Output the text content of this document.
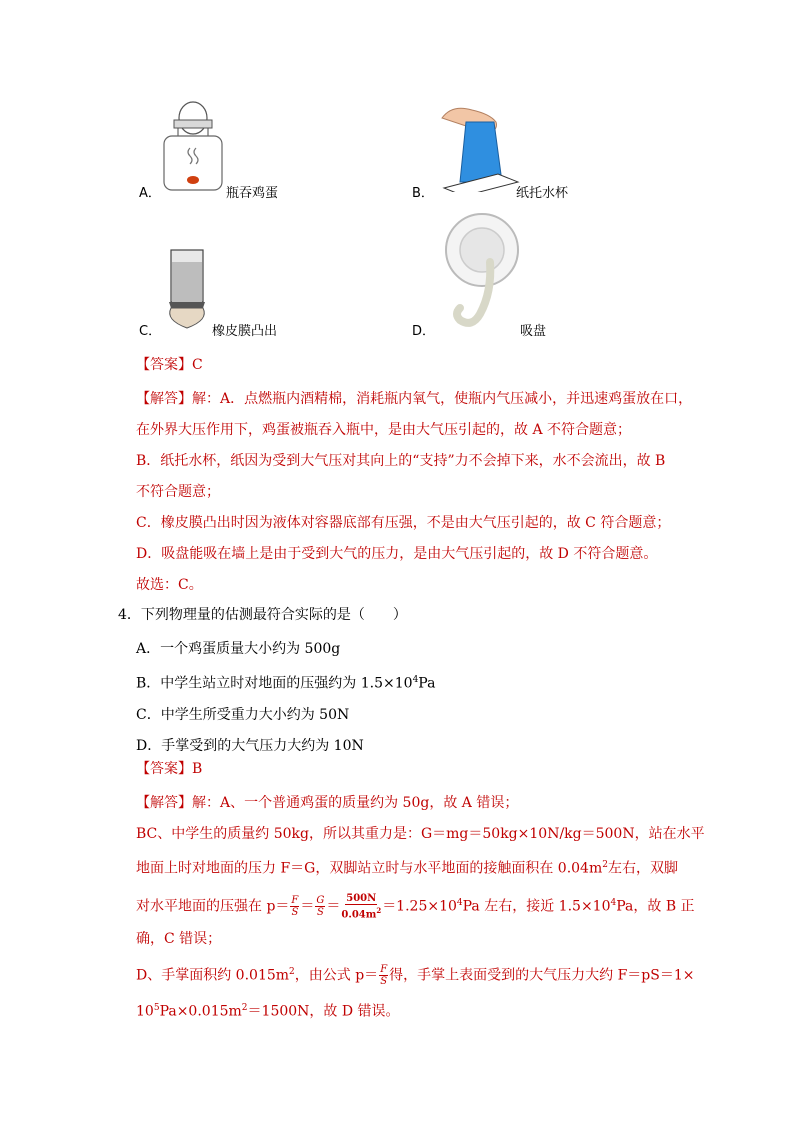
A．	瓶吞鸡蛋	B．	纸托水杯
C．	橡皮膜凸出	D．	吸盘
【答案】C
【解答】解：A．点燃瓶内酒精棉，消耗瓶内氧气，使瓶内气压减小，并迅速鸡蛋放在口，
在外界大压作用下，鸡蛋被瓶吞入瓶中，是由大气压引起的，故 A 不符合题意；
B．纸托水杯，纸因为受到大气压对其向上的“支持”力不会掉下来，水不会流出，故 B
不符合题意；
C．橡皮膜凸出时因为液体对容器底部有压强，不是由大气压引起的，故 C 符合题意；
D．吸盘能吸在墙上是由于受到大气的压力，是由大气压引起的，故 D 不符合题意。
故选：C。
4．下列物理量的估测最符合实际的是（　　）
A．一个鸡蛋质量大小约为 500g
B．中学生站立时对地面的压强约为 $1.5\times 10^4Pa$
C．中学生所受重力大小约为 50N
D．手掌受到的大气压力大约为 10N
【答案】B
【解答】解：A、一个普通鸡蛋的质量约为 50g，故 A 错误；
BC、中学生的质量约 50kg，所以其重力是：G＝mg＝50kg×10N/kg＝500N，站在水平
地面上时对地面的压力 F＝G，双脚站立时与水平地面的接触面积在 $0.04m^2$左右，双脚
对水平地面的压强在 $p= \frac{F}{S} = \frac{G}{S} = \frac{500N}{0.04m^2} =1.25\times 10^4Pa$ 左右，接近 $1.5\times 10^4Pa$，故 B 正
确，C 错误；
D、手掌面积约 $0.015m^2$，由公式 $p= \frac{F}{S}$ 得，手掌上表面受到的大气压力大约 F＝pS＝1×
$10^5Pa\times 0.015m^2=1500N$，故 D 错误。
